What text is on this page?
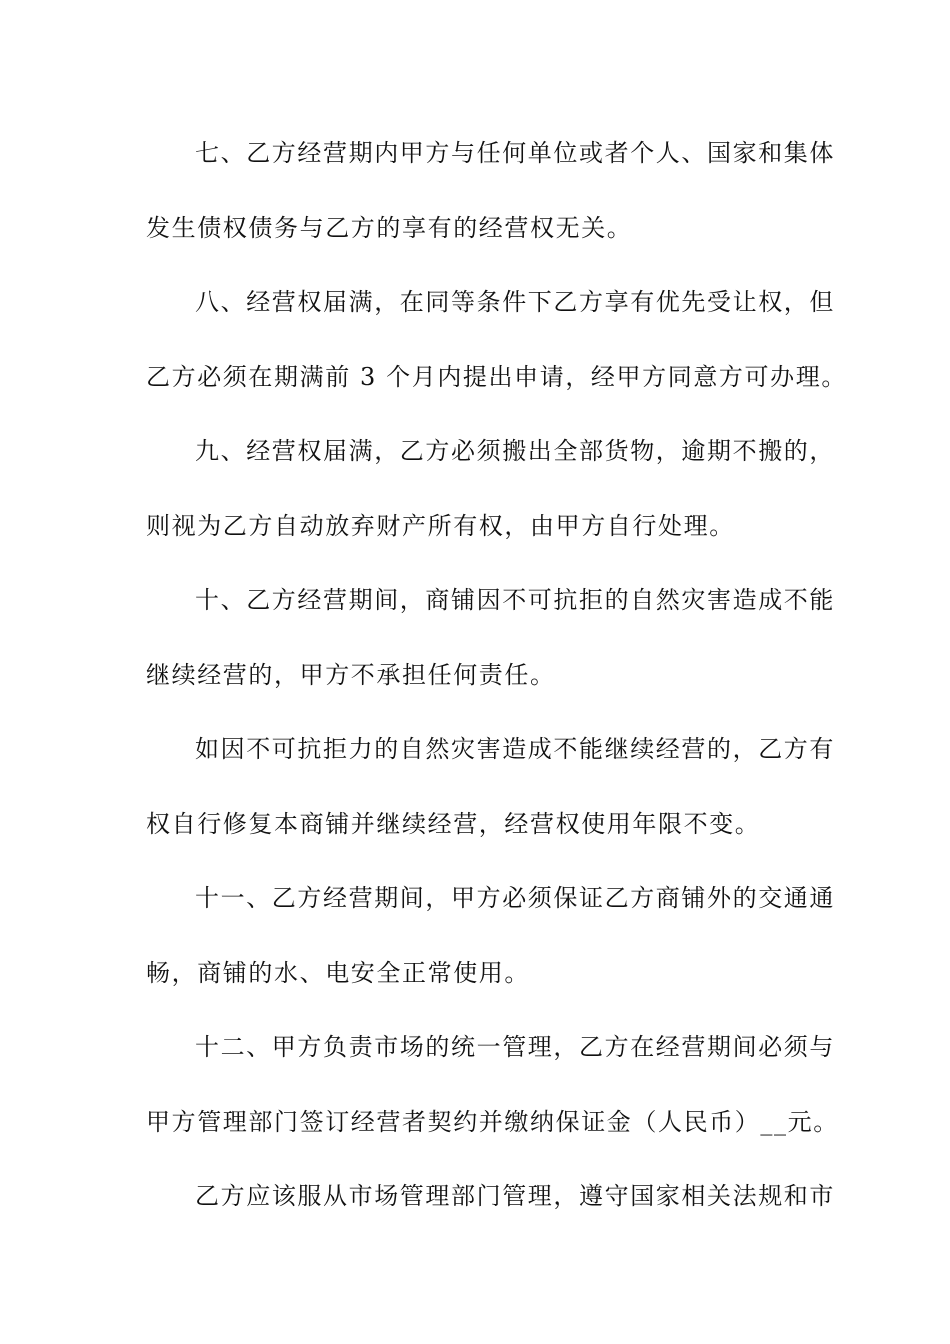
七、乙方经营期内甲方与任何单位或者个人、国家和集体
发生债权债务与乙方的享有的经营权无关。
八、经营权届满，在同等条件下乙方享有优先受让权，但
乙方必须在期满前 3 个月内提出申请，经甲方同意方可办理。
九、经营权届满，乙方必须搬出全部货物，逾期不搬的，
则视为乙方自动放弃财产所有权，由甲方自行处理。
十、乙方经营期间，商铺因不可抗拒的自然灾害造成不能
继续经营的，甲方不承担任何责任。
如因不可抗拒力的自然灾害造成不能继续经营的，乙方有
权自行修复本商铺并继续经营，经营权使用年限不变。
十一、乙方经营期间，甲方必须保证乙方商铺外的交通通
畅，商铺的水、电安全正常使用。
十二、甲方负责市场的统一管理，乙方在经营期间必须与
甲方管理部门签订经营者契约并缴纳保证金（人民币）__元。
乙方应该服从市场管理部门管理，遵守国家相关法规和市
